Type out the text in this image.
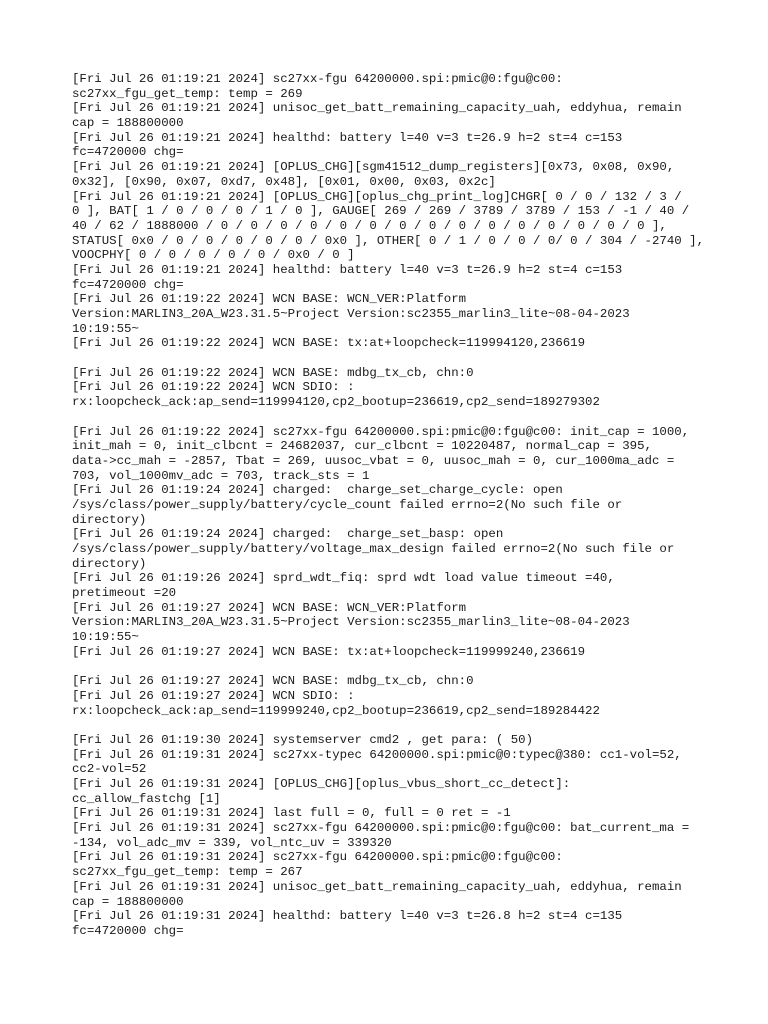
[Fri Jul 26 01:19:21 2024] sc27xx-fgu 64200000.spi:pmic@0:fgu@c00:
sc27xx_fgu_get_temp: temp = 269
[Fri Jul 26 01:19:21 2024] unisoc_get_batt_remaining_capacity_uah, eddyhua, remain
cap = 188800000
[Fri Jul 26 01:19:21 2024] healthd: battery l=40 v=3 t=26.9 h=2 st=4 c=153
fc=4720000 chg=
[Fri Jul 26 01:19:21 2024] [OPLUS_CHG][sgm41512_dump_registers][0x73, 0x08, 0x90,
0x32], [0x90, 0x07, 0xd7, 0x48], [0x01, 0x00, 0x03, 0x2c]
[Fri Jul 26 01:19:21 2024] [OPLUS_CHG][oplus_chg_print_log]CHGR[ 0 / 0 / 132 / 3 /
0 ], BAT[ 1 / 0 / 0 / 0 / 1 / 0 ], GAUGE[ 269 / 269 / 3789 / 3789 / 153 / -1 / 40 /
40 / 62 / 1888000 / 0 / 0 / 0 / 0 / 0 / 0 / 0 / 0 / 0 / 0 / 0 / 0 / 0 / 0 / 0 ],
STATUS[ 0x0 / 0 / 0 / 0 / 0 / 0 / 0x0 ], OTHER[ 0 / 1 / 0 / 0 / 0/ 0 / 304 / -2740 ],
VOOCPHY[ 0 / 0 / 0 / 0 / 0 / 0x0 / 0 ]
[Fri Jul 26 01:19:21 2024] healthd: battery l=40 v=3 t=26.9 h=2 st=4 c=153
fc=4720000 chg=
[Fri Jul 26 01:19:22 2024] WCN BASE: WCN_VER:Platform
Version:MARLIN3_20A_W23.31.5~Project Version:sc2355_marlin3_lite~08-04-2023
10:19:55~
[Fri Jul 26 01:19:22 2024] WCN BASE: tx:at+loopcheck=119994120,236619
[Fri Jul 26 01:19:22 2024] WCN BASE: mdbg_tx_cb, chn:0
[Fri Jul 26 01:19:22 2024] WCN SDIO: :
rx:loopcheck_ack:ap_send=119994120,cp2_bootup=236619,cp2_send=189279302
[Fri Jul 26 01:19:22 2024] sc27xx-fgu 64200000.spi:pmic@0:fgu@c00: init_cap = 1000,
init_mah = 0, init_clbcnt = 24682037, cur_clbcnt = 10220487, normal_cap = 395,
data->cc_mah = -2857, Tbat = 269, uusoc_vbat = 0, uusoc_mah = 0, cur_1000ma_adc =
703, vol_1000mv_adc = 703, track_sts = 1
[Fri Jul 26 01:19:24 2024] charged:  charge_set_charge_cycle: open
/sys/class/power_supply/battery/cycle_count failed errno=2(No such file or
directory)
[Fri Jul 26 01:19:24 2024] charged:  charge_set_basp: open
/sys/class/power_supply/battery/voltage_max_design failed errno=2(No such file or
directory)
[Fri Jul 26 01:19:26 2024] sprd_wdt_fiq: sprd wdt load value timeout =40,
pretimeout =20
[Fri Jul 26 01:19:27 2024] WCN BASE: WCN_VER:Platform
Version:MARLIN3_20A_W23.31.5~Project Version:sc2355_marlin3_lite~08-04-2023
10:19:55~
[Fri Jul 26 01:19:27 2024] WCN BASE: tx:at+loopcheck=119999240,236619
[Fri Jul 26 01:19:27 2024] WCN BASE: mdbg_tx_cb, chn:0
[Fri Jul 26 01:19:27 2024] WCN SDIO: :
rx:loopcheck_ack:ap_send=119999240,cp2_bootup=236619,cp2_send=189284422
[Fri Jul 26 01:19:30 2024] systemserver cmd2 , get para: ( 50)
[Fri Jul 26 01:19:31 2024] sc27xx-typec 64200000.spi:pmic@0:typec@380: cc1-vol=52,
cc2-vol=52
[Fri Jul 26 01:19:31 2024] [OPLUS_CHG][oplus_vbus_short_cc_detect]:
cc_allow_fastchg [1]
[Fri Jul 26 01:19:31 2024] last full = 0, full = 0 ret = -1
[Fri Jul 26 01:19:31 2024] sc27xx-fgu 64200000.spi:pmic@0:fgu@c00: bat_current_ma =
-134, vol_adc_mv = 339, vol_ntc_uv = 339320
[Fri Jul 26 01:19:31 2024] sc27xx-fgu 64200000.spi:pmic@0:fgu@c00:
sc27xx_fgu_get_temp: temp = 267
[Fri Jul 26 01:19:31 2024] unisoc_get_batt_remaining_capacity_uah, eddyhua, remain
cap = 188800000
[Fri Jul 26 01:19:31 2024] healthd: battery l=40 v=3 t=26.8 h=2 st=4 c=135
fc=4720000 chg=
